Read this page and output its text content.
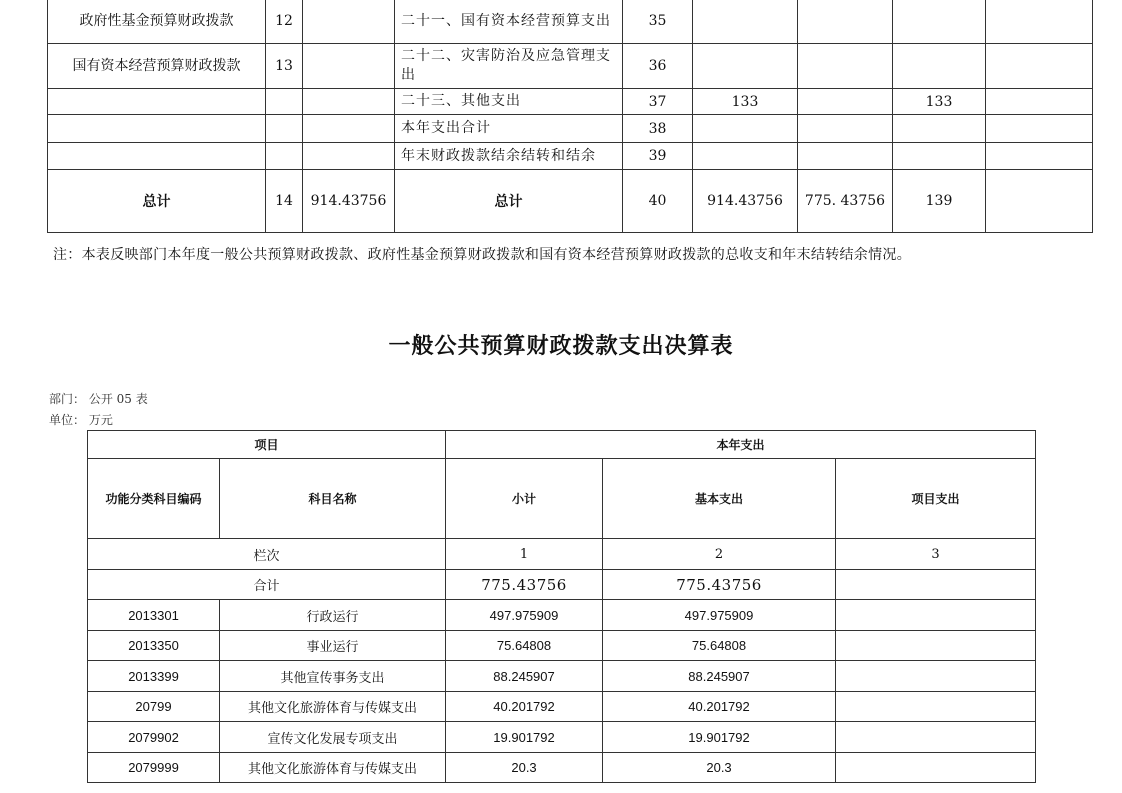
政府性基金预算财政拨款	12		二十一、国有资本经营预算支出	35				
国有资本经营预算财政拨款	13		二十二、灾害防治及应急管理支出	36				
			二十三、其他支出	37	133		133	
			本年支出合计	38				
			年末财政拨款结余结转和结余	39				
总计	14	914.43756	总计	40	914.43756	775. 43756	139	
注：本表反映部门本年度一般公共预算财政拨款、政府性基金预算财政拨款和国有资本经营预算财政拨款的总收支和年末结转结余情况。
一般公共预算财政拨款支出决算表
部门： 公开 05 表
单位： 万元
项目		本年支出		
功能分类科目编码	科目名称	小计	基本支出	项目支出
栏次		1	2	3
合计		775.43756	775.43756	
2013301	行政运行	497.975909	497.975909	
2013350	事业运行	75.64808	75.64808	
2013399	其他宣传事务支出	88.245907	88.245907	
20799	其他文化旅游体育与传媒支出	40.201792	40.201792	
2079902	宣传文化发展专项支出	19.901792	19.901792	
2079999	其他文化旅游体育与传媒支出	20.3	20.3	
